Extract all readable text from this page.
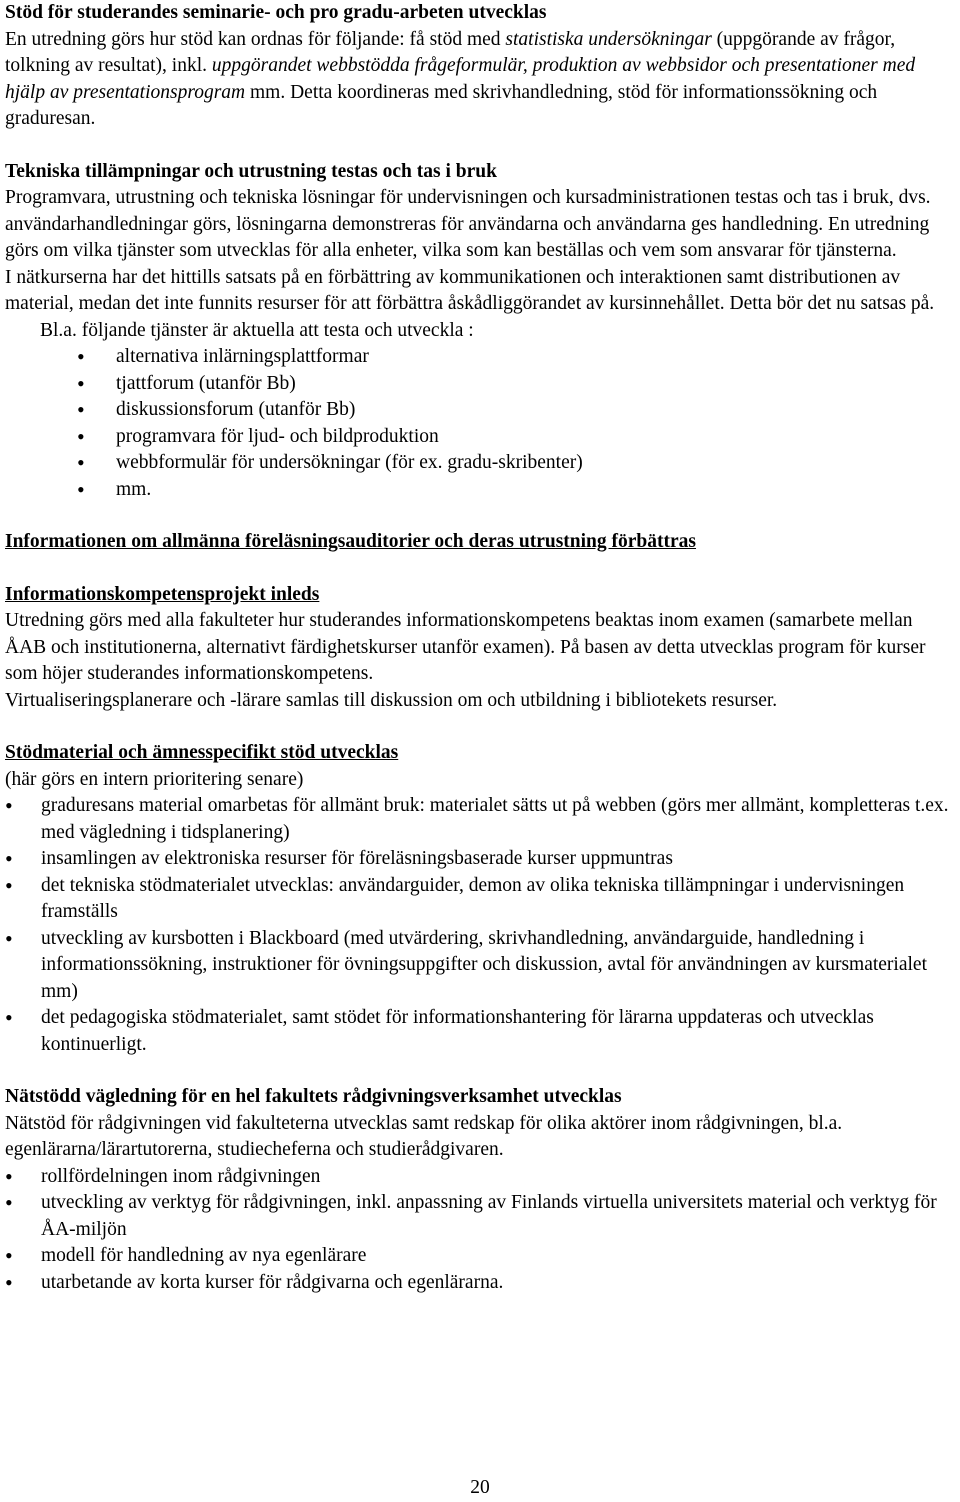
Stöd för studerandes seminarie- och pro gradu-arbeten utvecklas

En utredning görs hur stöd kan ordnas för följande: få stöd med statistiska undersökningar (uppgörande av frågor, tolkning av resultat), inkl. uppgörandet webbstödda frågeformulär, produktion av webbsidor och presentationer med hjälp av presentationsprogram mm. Detta koordineras med skrivhandledning, stöd för informationssökning och graduresan.

Tekniska tillämpningar och utrustning testas och tas i bruk

Programvara, utrustning och tekniska lösningar för undervisningen och kursadministrationen testas och tas i bruk, dvs. användarhandledningar görs, lösningarna demonstreras för användarna och användarna ges handledning. En utredning görs om vilka tjänster som utvecklas för alla enheter, vilka som kan beställas och vem som ansvarar för tjänsterna.

I nätkurserna har det hittills satsats på en förbättring av kommunikationen och interaktionen samt distributionen av material, medan det inte funnits resurser för att förbättra åskådliggörandet av kursinnehållet. Detta bör det nu satsas på.

Bl.a. följande tjänster är aktuella att testa och utveckla :

• alternativa inlärningsplattformar
• tjattforum (utanför Bb)
• diskussionsforum (utanför Bb)
• programvara för ljud- och bildproduktion
• webbformulär för undersökningar (för ex. gradu-skribenter)
• mm.

Informationen om allmänna föreläsningsauditorier och deras utrustning förbättras

Informationskompetensprojekt inleds

Utredning görs med alla fakulteter hur studerandes informationskompetens beaktas inom examen (samarbete mellan ÅAB och institutionerna, alternativt färdighetskurser utanför examen). På basen av detta utvecklas program för kurser som höjer studerandes informationskompetens.

Virtualiseringsplanerare och -lärare samlas till diskussion om och utbildning i bibliotekets resurser.

Stödmaterial och ämnesspecifikt stöd utvecklas

(här görs en intern prioritering senare)

• graduresans material omarbetas för allmänt bruk: materialet sätts ut på webben (görs mer allmänt, kompletteras t.ex. med vägledning i tidsplanering)
• insamlingen av elektroniska resurser för föreläsningsbaserade kurser uppmuntras
• det tekniska stödmaterialet utvecklas: användarguider, demon av olika tekniska tillämpningar i undervisningen framställs
• utveckling av kursbotten i Blackboard (med utvärdering, skrivhandledning, användarguide, handledning i informationssökning, instruktioner för övningsuppgifter och diskussion, avtal för användningen av kursmaterialet mm)
• det pedagogiska stödmaterialet, samt stödet för informationshantering för lärarna uppdateras och utvecklas kontinuerligt.

Nätstödd vägledning för en hel fakultets rådgivningsverksamhet utvecklas

Nätstöd för rådgivningen vid fakulteterna utvecklas samt redskap för olika aktörer inom rådgivningen, bl.a. egenlärarna/lärartutorerna, studiecheferna och studierådgivaren.

• rollfördelningen inom rådgivningen
• utveckling av verktyg för rådgivningen, inkl. anpassning av Finlands virtuella universitets material och verktyg för ÅA-miljön
• modell för handledning av nya egenlärare
• utarbetande av korta kurser för rådgivarna och egenlärarna.
20
